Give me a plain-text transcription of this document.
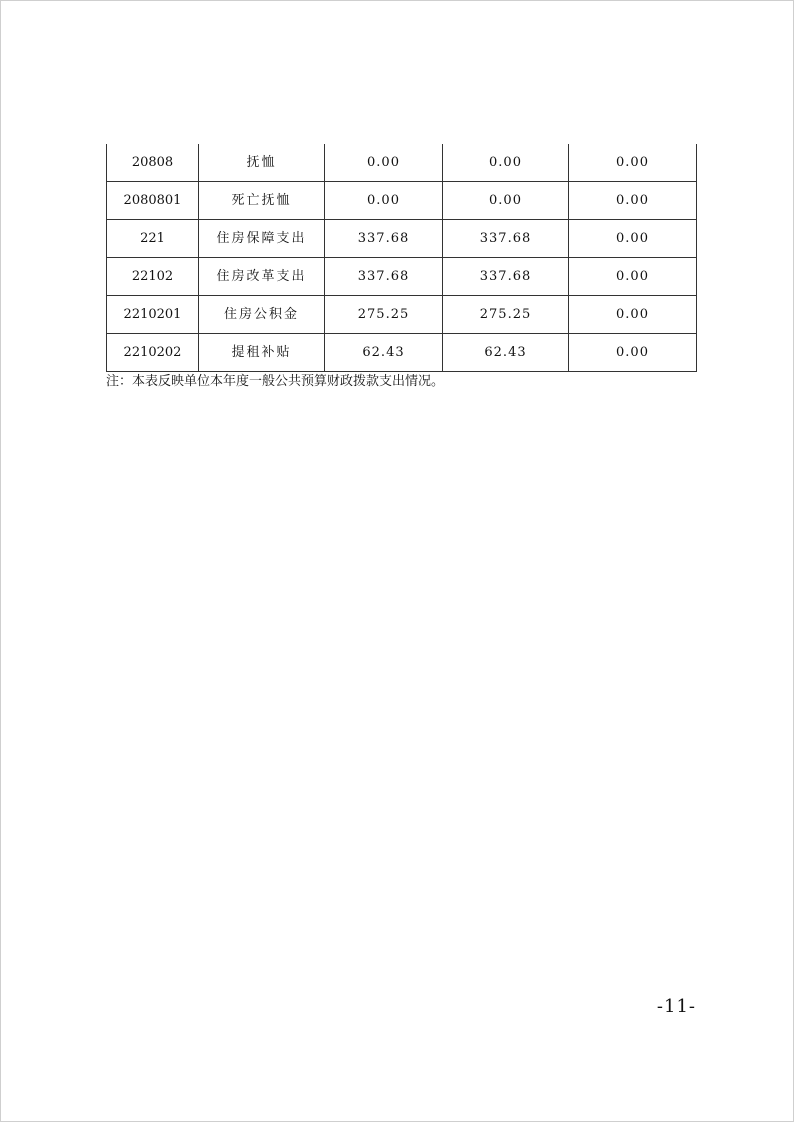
20808	抚恤	0.00	0.00	0.00
2080801	死亡抚恤	0.00	0.00	0.00
221	住房保障支出	337.68	337.68	0.00
22102	住房改革支出	337.68	337.68	0.00
2210201	住房公积金	275.25	275.25	0.00
2210202	提租补贴	62.43	62.43	0.00
注：本表反映单位本年度一般公共预算财政拨款支出情况。
-11-
